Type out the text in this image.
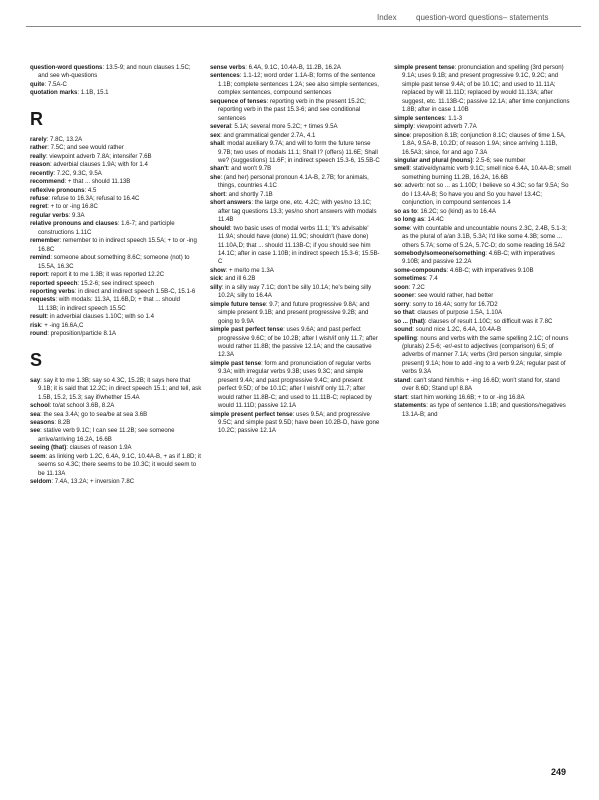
Index question-word questions– statements

question-word questions: 13.5-9; and noun clauses 1.5C; and see wh-questions

quite: 7.5A-C

quotation marks: 1.1B, 15.1

R

rarely: 7.8C, 13.2A

rather: 7.5C; and see would rather

really: viewpoint adverb 7.8A; intensifer 7.6B

reason: adverbial clauses 1.9A; with for 1.4

recently: 7.2C, 9.3C, 9.5A

recommend: + that ... should 11.13B

reflexive pronouns: 4.5

refuse: refuse to 16.3A; refusal to 16.4C

regret: + to or -ing 16.8C

regular verbs: 9.3A

relative pronouns and clauses: 1.6-7; and participle constructions 1.11C

remember: remember to in indirect speech 15.5A; + to or -ing 16.8C

remind: someone about something 8.6C; someone (not) to 15.5A, 16.3C

report: report it to me 1.3B; it was reported 12.2C

reported speech: 15.2-6; see indirect speech

reporting verbs: in direct and indirect speech 1.5B-C, 15.1-6

requests: with modals: 11.3A, 11.6B,D; + that ... should 11.13B; in indirect speech 15.5C

result: in adverbial clauses 1.10C; with so 1.4

risk: + -ing 16.6A,C

round: preposition/particle 8.1A

S

say: say it to me 1.3B; say so 4.3C, 15.2B; it says here that 9.1B; it is said that 12.2C; in direct speech 15.1; and tell, ask 1.5B, 15.2, 15.3; say if/whether 15.4A

school: to/at school 3.6B, 8.2A

sea: the sea 3.4A; go to sea/be at sea 3.6B

seasons: 8.2B

see: stative verb 9.1C; I can see 11.2B; see someone arrive/arriving 16.2A, 16.6B

seeing (that): clauses of reason 1.9A

seem: as linking verb 1.2C, 6.4A, 9.1C, 10.4A-B, + as if 1.8D; it seems so 4.3C; there seems to be 10.3C; it would seem to be 11.13A

seldom: 7.4A, 13.2A; + inversion 7.8C

sense verbs: 6.4A, 9.1C, 10.4A-B, 11.2B, 16.2A

sentences: 1.1-12; word order 1.1A-B; forms of the sentence 1.1B; complete sentences 1.2A; see also simple sentences, complex sentences, compound sentences

sequence of tenses: reporting verb in the present 15.2C; reporting verb in the past 15.3-6; and see conditional sentences

several: 5.1A; several more 5.2C; + times 9.5A

sex: and grammatical gender 2.7A, 4.1

shall: modal auxiliary 9.7A; and will to form the future tense 9.7B; two uses of modals 11.1; Shall I? (offers) 11.6E; Shall we? (suggestions) 11.6F; in indirect speech 15.3-6, 15.5B-C

shan't: and won't 9.7B

she: (and her) personal pronoun 4.1A-B, 2.7B; for animals, things, countries 4.1C

short: and shortly 7.1B

short answers: the large one, etc. 4.2C; with yes/no 13.1C; after tag questions 13.3; yes/no short answers with modals 11.4B

should: two basic uses of modal verbs 11.1; 'it's advisable' 11.9A; should have (done) 11.9C; shouldn't (have done) 11.10A,D; that ... should 11.13B-C; if you should see him 14.1C; after in case 1.10B; in indirect speech 15.3-6; 15.5B-C

show: + me/to me 1.3A

sick: and ill 6.2B

silly: in a silly way 7.1C; don't be silly 10.1A; he's being silly 10.2A; silly to 16.4A

simple future tense: 9.7; and future progressive 9.8A; and simple present 9.1B; and present progressive 9.2B; and going to 9.9A

simple past perfect tense: uses 9.6A; and past perfect progressive 9.6C; of be 10.2B; after I wish/if only 11.7; after would rather 11.8B; the passive 12.1A; and the causative 12.3A

simple past tense: form and pronunciation of regular verbs 9.3A; with irregular verbs 9.3B; uses 9.3C; and simple present 9.4A; and past progressive 9.4C; and present perfect 9.5D; of be 10.1C; after I wish/if only 11.7; after would rather 11.8B-C; and used to 11.11B-C; replaced by would 11.11D; passive 12.1A

simple present perfect tense: uses 9.5A; and progressive 9.5C; and simple past 9.5D; have been 10.2B-D, have gone 10.2C; passive 12.1A

simple present tense: pronunciation and spelling (3rd person) 9.1A; uses 9.1B; and present progressive 9.1C, 9.2C; and simple past tense 9.4A; of be 10.1C; and used to 11.11A; replaced by will 11.11D; replaced by would 11.13A; after suggest, etc. 11.13B-C; passive 12.1A; after time conjunctions 1.8B; after in case 1.10B

simple sentences: 1.1-3

simply: viewpoint adverb 7.7A

since: preposition 8.1B; conjunction 8.1C; clauses of time 1.5A, 1.8A, 9.5A-B, 10.2D; of reason 1.9A; since arriving 1.11B, 16.5A3; since, for and ago 7.3A

singular and plural (nouns): 2.5-6; see number

smell: stative/dynamic verb 9.1C; smell nice 6.4A, 10.4A-B; smell something burning 11.2B, 16.2A, 16.6B

so: adverb: not so ... as 1.10D; I believe so 4.3C; so far 9.5A; So do I 13.4A-B; So have you and So you have! 13.4C; conjunction, in compound sentences 1.4

so as to: 16.2C; so (kind) as to 16.4A

so long as: 14.4C

some: with countable and uncountable nouns 2.3C, 2.4B, 5.1-3; as the plural of a/an 3.1B, 5.3A; I'd like some 4.3B; some ... others 5.7A; some of 5.2A, 5.7C-D; do some reading 16.5A2

somebody/someone/something: 4.6B-C; with imperatives 9.10B; and passive 12.2A

some-compounds: 4.6B-C; with imperatives 9.10B

sometimes: 7.4

soon: 7.2C

sooner: see would rather, had better

sorry: sorry to 16.4A; sorry for 16.7D2

so that: clauses of purpose 1.5A, 1.10A

so ... (that): clauses of result 1.10C; so difficult was it 7.8C

sound: sound nice 1.2C, 6.4A, 10.4A-B

spelling: nouns and verbs with the same spelling 2.1C; of nouns (plurals) 2.5-6; -er/-est to adjectives (comparison) 6.5; of adverbs of manner 7.1A; verbs (3rd person singular, simple present) 9.1A; how to add -ing to a verb 9.2A; regular past of verbs 9.3A

stand: can't stand him/his + -ing 16.6D; won't stand for, stand over 8.6D; Stand up! 8.8A

start: start him working 16.6B; + to or -ing 16.8A

statements: as type of sentence 1.1B; and questions/negatives 13.1A-B; and

249
